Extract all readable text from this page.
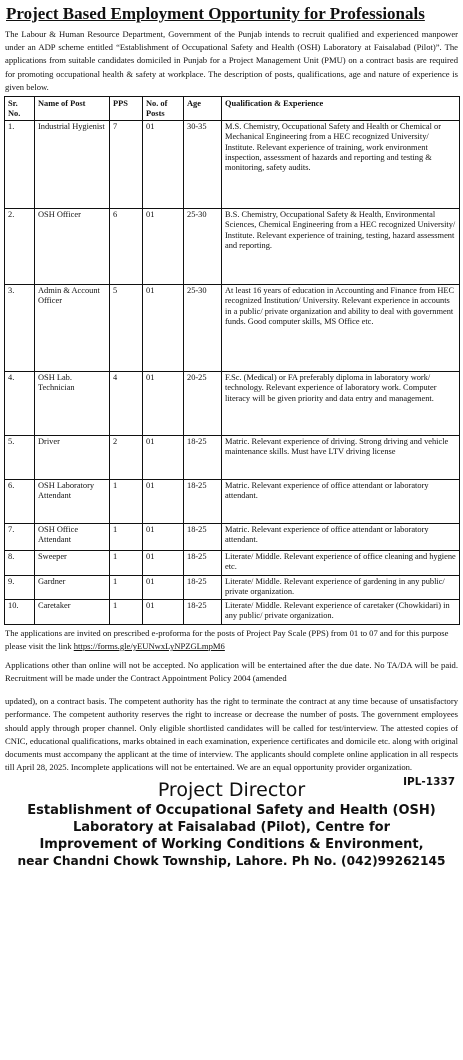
Project Based Employment Opportunity for Professionals
The Labour & Human Resource Department, Government of the Punjab intends to recruit qualified and experienced manpower under an ADP scheme entitled “Establishment of Occupational Safety and Health (OSH) Laboratory at Faisalabad (Pilot)”. The applications from suitable candidates domiciled in Punjab for a Project Management Unit (PMU) on a contract basis are required for promoting occupational health & safety at workplace. The description of posts, qualifications, age and nature of experience is given below.
Sr. No.	Name of Post	PPS	No. of Posts	Age	Qualification & Experience
1.	Industrial Hygienist	7	01	30-35	M.S. Chemistry, Occupational Safety and Health or Chemical or Mechanical Engineering from a HEC recognized University/ Institute. Relevant experience of training, work environment inspection, assessment of hazards and reporting and testing & monitoring, safety audits.
2.	OSH Officer	6	01	25-30	B.S. Chemistry, Occupational Safety & Health, Environmental Sciences, Chemical Engineering from a HEC recognized University/ Institute. Relevant experience of training, testing, hazard assessment and reporting.
3.	Admin & Account Officer	5	01	25-30	At least 16 years of education in Accounting and Finance from HEC recognized Institution/ University. Relevant experience in accounts in a public/ private organization and ability to deal with government funds. Good computer skills, MS Office etc.
4.	OSH Lab. Technician	4	01	20-25	F.Sc. (Medical) or FA preferably diploma in laboratory work/ technology. Relevant experience of laboratory work. Computer literacy will be given priority and data entry and management.
5.	Driver	2	01	18-25	Matric. Relevant experience of driving. Strong driving and vehicle maintenance skills. Must have LTV driving license
6.	OSH Laboratory Attendant	1	01	18-25	Matric. Relevant experience of office attendant or laboratory attendant.
7.	OSH Office Attendant	1	01	18-25	Matric. Relevant experience of office attendant or laboratory attendant.
8.	Sweeper	1	01	18-25	Literate/ Middle. Relevant experience of office cleaning and hygiene etc.
9.	Gardner	1	01	18-25	Literate/ Middle. Relevant experience of gardening in any public/ private organization.
10.	Caretaker	1	01	18-25	Literate/ Middle. Relevant experience of caretaker (Chowkidari) in any public/ private organization.
The applications are invited on prescribed e-proforma for the posts of Project Pay Scale (PPS) from 01 to 07 and for this purpose please visit the link https://forms.gle/yEUNwxLyNPZGLmpM6
Applications other than online will not be accepted. No application will be entertained after the due date. No TA/DA will be paid. Recruitment will be made under the Contract Appointment Policy 2004 (amended
updated), on a contract basis. The competent authority has the right to terminate the contract at any time because of unsatisfactory performance. The competent authority reserves the right to increase or decrease the number of posts. The government employees should apply through proper channel. Only eligible shortlisted candidates will be called for test/interview. The attested copies of CNIC, educational qualifications, marks obtained in each examination, experience certificates and domicile etc. along with original documents must accompany the applicant at the time of interview. The applicants should complete online application in all respects till April 28, 2025. Incomplete applications will not be entertained. We are an equal opportunity provider organization.
IPL-1337
Project Director
Establishment of Occupational Safety and Health (OSH)
Laboratory at Faisalabad (Pilot), Centre for
Improvement of Working Conditions & Environment,
near Chandni Chowk Township, Lahore. Ph No. (042)99262145
